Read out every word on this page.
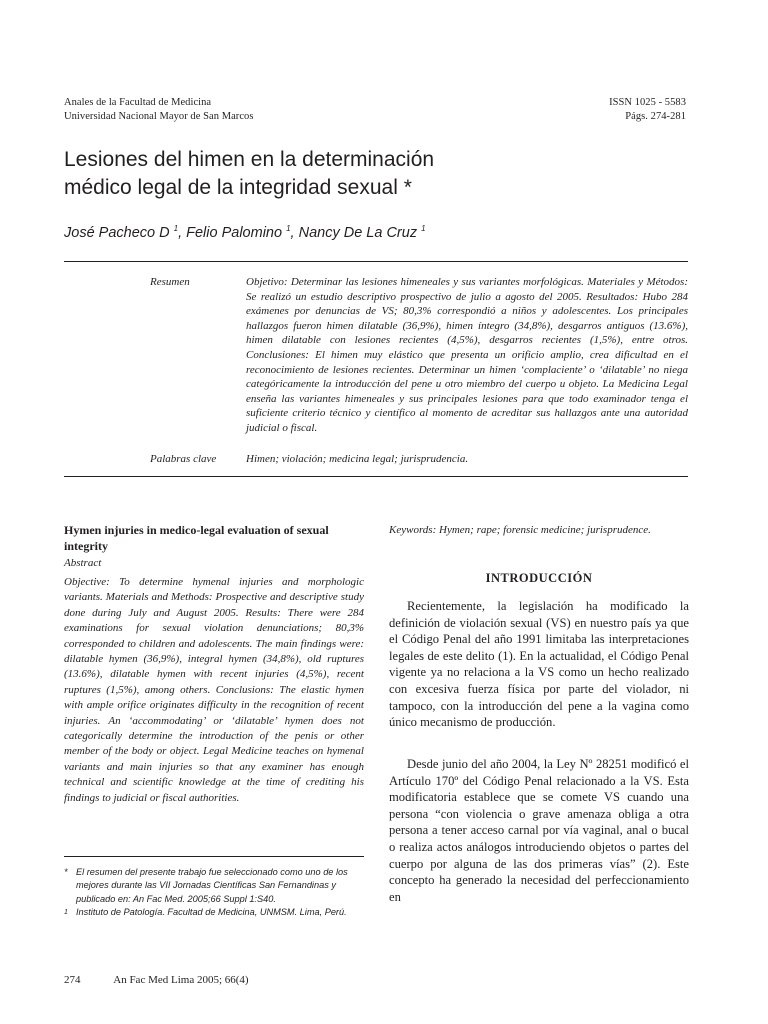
Anales de la Facultad de Medicina
Universidad Nacional Mayor de San Marcos
ISSN 1025 - 5583
Págs. 274-281
Lesiones del himen en la determinación
médico legal de la integridad sexual *
José Pacheco D $^1$, Felio Palomino $^1$, Nancy De La Cruz $^1$
Resumen	Objetivo: Determinar las lesiones himeneales y sus variantes morfológicas. Materiales y Métodos: Se realizó un estudio descriptivo prospectivo de julio a agosto del 2005. Resultados: Hubo 284 exámenes por denuncias de VS; 80,3% correspondió a niños y adolescentes. Los principales hallazgos fueron himen dilatable (36,9%), himen íntegro (34,8%), desgarros antiguos (13.6%), himen dilatable con lesiones recientes (4,5%), desgarros recientes (1,5%), entre otros. Conclusiones: El himen muy elástico que presenta un orificio amplio, crea dificultad en el reconocimiento de lesiones recientes. Determinar un himen ‘complaciente’ o ‘dilatable’ no niega categóricamente la introducción del pene u otro miembro del cuerpo u objeto. La Medicina Legal enseña las variantes himeneales y sus principales lesiones para que todo examinador tenga el suficiente criterio técnico y científico al momento de acreditar sus hallazgos ante una autoridad judicial o fiscal.
Palabras clave	Himen; violación; medicina legal; jurisprudencia.
Hymen injuries in medico-legal evaluation of sexual integrity
Abstract
Objective: To determine hymenal injuries and morphologic variants. Materials and Methods: Prospective and descriptive study done during July and August 2005. Results: There were 284 examinations for sexual violation denunciations; 80,3% corresponded to children and adolescents. The main findings were: dilatable hymen (36,9%), integral hymen (34,8%), old ruptures (13.6%), dilatable hymen with recent injuries (4,5%), recent ruptures (1,5%), among others. Conclusions: The elastic hymen with ample orifice originates difficulty in the recognition of recent injuries. An ‘accommodating’ or ‘dilatable’ hymen does not categorically determine the introduction of the penis or other member of the body or object. Legal Medicine teaches on hymenal variants and main injuries so that any examiner has enough technical and scientific knowledge at the time of crediting his findings to judicial or fiscal authorities.
* El resumen del presente trabajo fue seleccionado como uno de los mejores durante las VII Jornadas Científicas San Fernandinas y publicado en: An Fac Med. 2005;66 Suppl 1:S40.
1 Instituto de Patología. Facultad de Medicina, UNMSM. Lima, Perú.
Keywords: Hymen; rape; forensic medicine; jurisprudence.
INTRODUCCIÓN

Recientemente, la legislación ha modificado la definición de violación sexual (VS) en nuestro país ya que el Código Penal del año 1991 limitaba las interpretaciones legales de este delito (1). En la actualidad, el Código Penal vigente ya no relaciona a la VS como un hecho realizado con excesiva fuerza física por parte del violador, ni tampoco, con la introducción del pene a la vagina como único mecanismo de producción.

Desde junio del año 2004, la Ley Nº 28251 modificó el Artículo 170º del Código Penal relacionado a la VS. Esta modificatoria establece que se comete VS cuando una persona “con violencia o grave amenaza obliga a otra persona a tener acceso carnal por vía vaginal, anal o bucal o realiza actos análogos introduciendo objetos o partes del cuerpo por alguna de las dos primeras vías” (2). Este concepto ha generado la necesidad del perfeccionamiento en

274	An Fac Med Lima 2005; 66(4)
